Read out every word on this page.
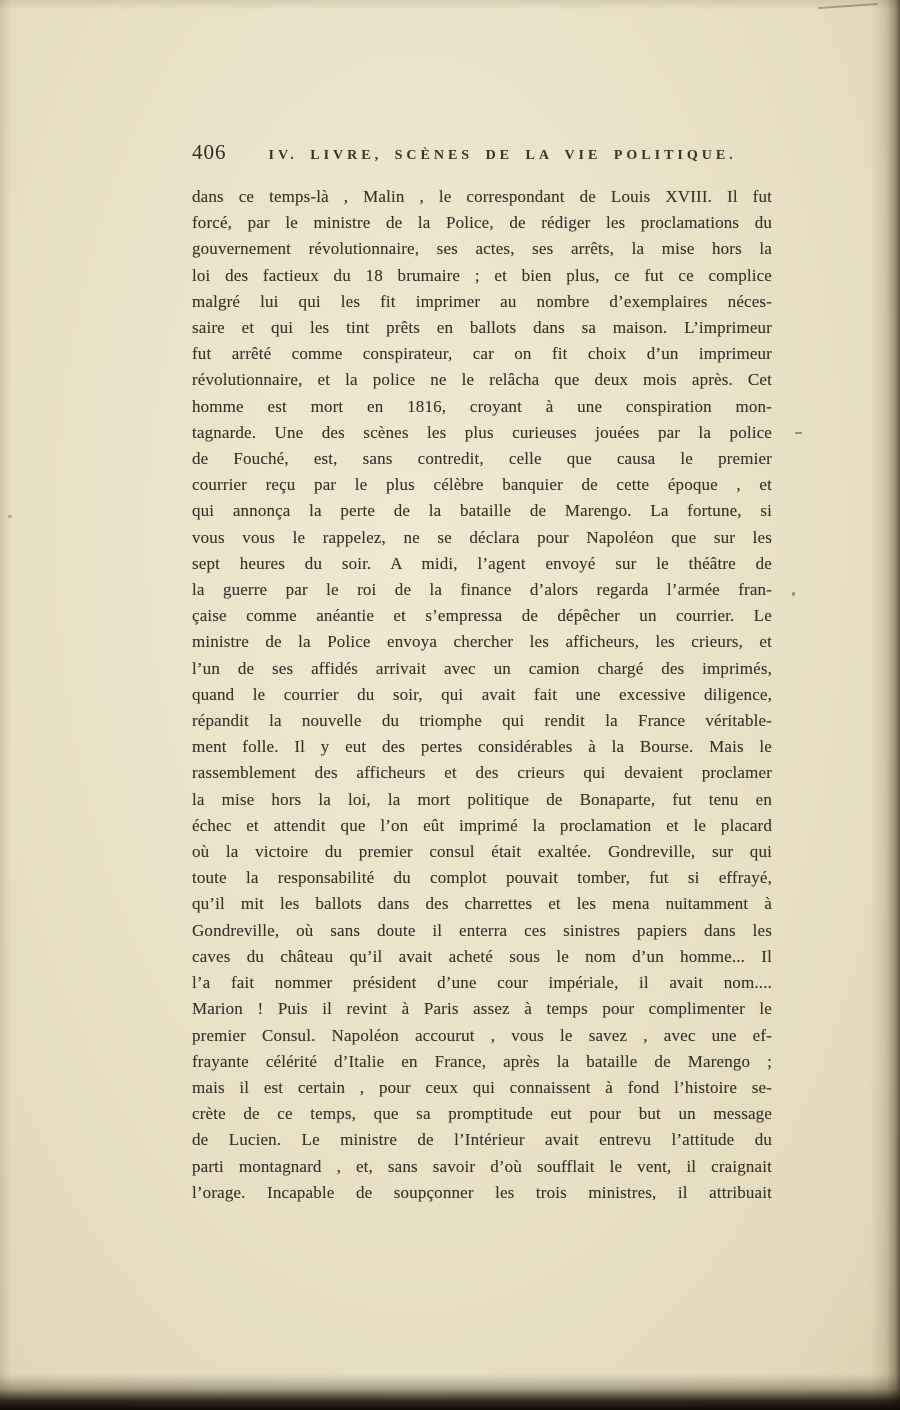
406	IV. LIVRE, SCÈNES DE LA VIE POLITIQUE.
dans ce temps-là , Malin , le correspondant de Louis XVIII. Il fut
forcé, par le ministre de la Police, de rédiger les proclamations du
gouvernement révolutionnaire, ses actes, ses arrêts, la mise hors la
loi des factieux du 18 brumaire ; et bien plus, ce fut ce complice
malgré lui qui les fit imprimer au nombre d’exemplaires néces-
saire et qui les tint prêts en ballots dans sa maison. L’imprimeur
fut arrêté comme conspirateur, car on fit choix d’un imprimeur
révolutionnaire, et la police ne le relâcha que deux mois après. Cet
homme est mort en 1816, croyant à une conspiration mon-
tagnarde. Une des scènes les plus curieuses jouées par la police
de Fouché, est, sans contredit, celle que causa le premier
courrier reçu par le plus célèbre banquier de cette époque , et
qui annonça la perte de la bataille de Marengo. La fortune, si
vous vous le rappelez, ne se déclara pour Napoléon que sur les
sept heures du soir. A midi, l’agent envoyé sur le théâtre de
la guerre par le roi de la finance d’alors regarda l’armée fran-
çaise comme anéantie et s’empressa de dépêcher un courrier. Le
ministre de la Police envoya chercher les afficheurs, les crieurs, et
l’un de ses affidés arrivait avec un camion chargé des imprimés,
quand le courrier du soir, qui avait fait une excessive diligence,
répandit la nouvelle du triomphe qui rendit la France véritable-
ment folle. Il y eut des pertes considérables à la Bourse. Mais le
rassemblement des afficheurs et des crieurs qui devaient proclamer
la mise hors la loi, la mort politique de Bonaparte, fut tenu en
échec et attendit que l’on eût imprimé la proclamation et le placard
où la victoire du premier consul était exaltée. Gondreville, sur qui
toute la responsabilité du complot pouvait tomber, fut si effrayé,
qu’il mit les ballots dans des charrettes et les mena nuitamment à
Gondreville, où sans doute il enterra ces sinistres papiers dans les
caves du château qu’il avait acheté sous le nom d’un homme... Il
l’a fait nommer président d’une cour impériale, il avait nom....
Marion ! Puis il revint à Paris assez à temps pour complimenter le
premier Consul. Napoléon accourut , vous le savez , avec une ef-
frayante célérité d’Italie en France, après la bataille de Marengo ;
mais il est certain , pour ceux qui connaissent à fond l’histoire se-
crète de ce temps, que sa promptitude eut pour but un message
de Lucien. Le ministre de l’Intérieur avait entrevu l’attitude du
parti montagnard , et, sans savoir d’où soufflait le vent, il craignait
l’orage. Incapable de soupçonner les trois ministres, il attribuait
